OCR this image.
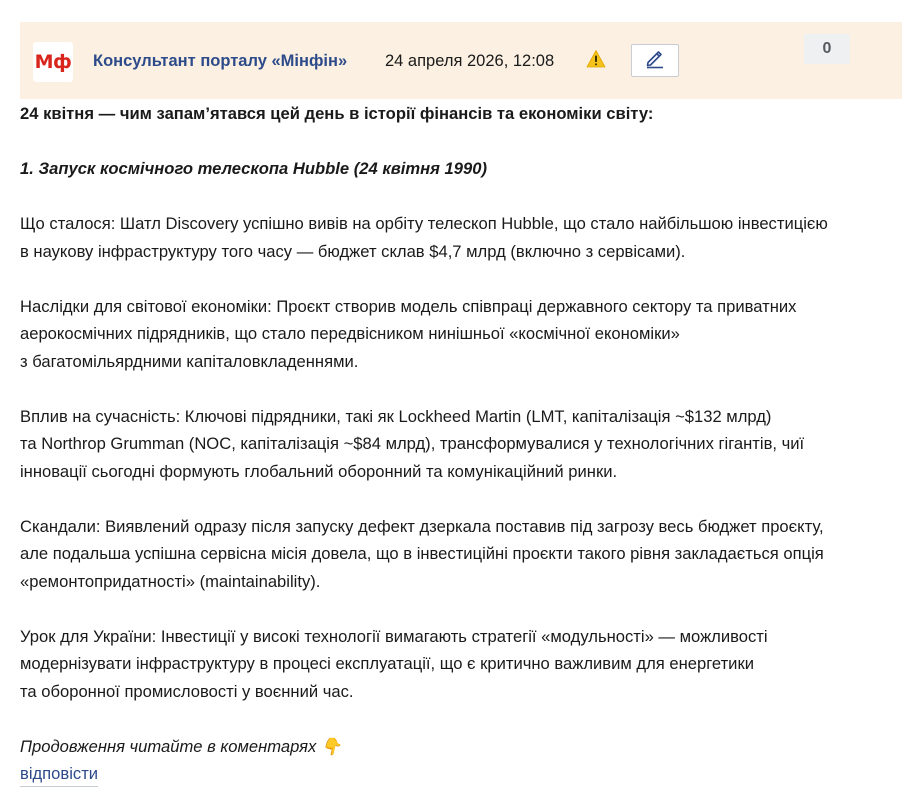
Мф Консультант порталу «Мінфін» 24 апреля 2026, 12:08
0

24 квітня — чим запам’ятався цей день в історії фінансів та економіки світу:

1. Запуск космічного телескопа Hubble (24 квітня 1990)

Що сталося: Шатл Discovery успішно вивів на орбіту телескоп Hubble, що стало найбільшою інвестицією
в наукову інфраструктуру того часу — бюджет склав $4,7 млрд (включно з сервісами).

Наслідки для світової економіки: Проєкт створив модель співпраці державного сектору та приватних
аерокосмічних підрядників, що стало передвісником нинішньої «космічної економіки»
з багатомільярдними капіталовкладеннями.

Вплив на сучасність: Ключові підрядники, такі як Lockheed Martin (LMT, капіталізація ~$132 млрд)
та Northrop Grumman (NOC, капіталізація ~$84 млрд), трансформувалися у технологічних гігантів, чиї
інновації сьогодні формують глобальний оборонний та комунікаційний ринки.

Скандали: Виявлений одразу після запуску дефект дзеркала поставив під загрозу весь бюджет проєкту,
але подальша успішна сервісна місія довела, що в інвестиційні проєкти такого рівня закладається опція
«ремонтопридатності» (maintainability).

Урок для України: Інвестиції у високі технології вимагають стратегії «модульності» — можливості
модернізувати інфраструктуру в процесі експлуатації, що є критично важливим для енергетики
та оборонної промисловості у воєнний час.

Продовження читайте в коментарях 👇

відповісти
